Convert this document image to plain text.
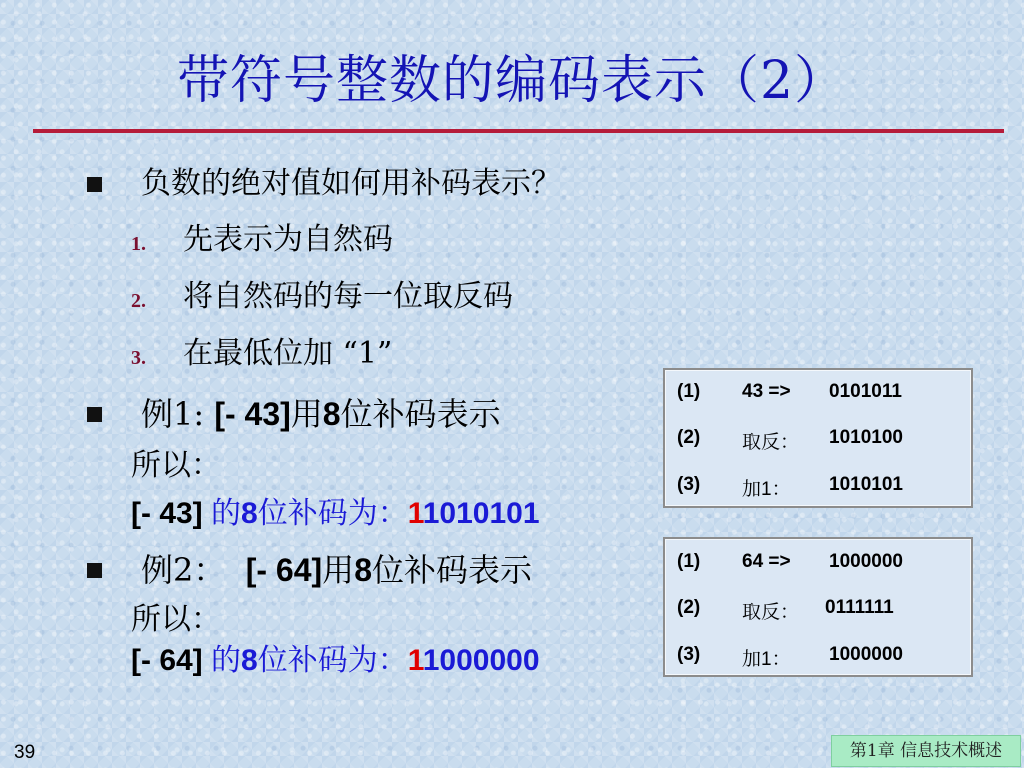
带符号整数的编码表示（2）
负数的绝对值如何用补码表示？
1. 先表示为自然码
2. 将自然码的每一位取反码
3. 在最低位加 “1”
例1: [- 43]用8位补码表示
所以：
[- 43] 的8位补码为：11010101
例2：  [- 64]用8位补码表示
所以：
[- 64] 的8位补码为：11000000
(1) 43 => 0101011
(2) 取反： 1010100
(3) 加1： 1010101
(1) 64 => 1000000
(2) 取反： 0111111
(3) 加1： 1000000
39	第1章 信息技术概述
